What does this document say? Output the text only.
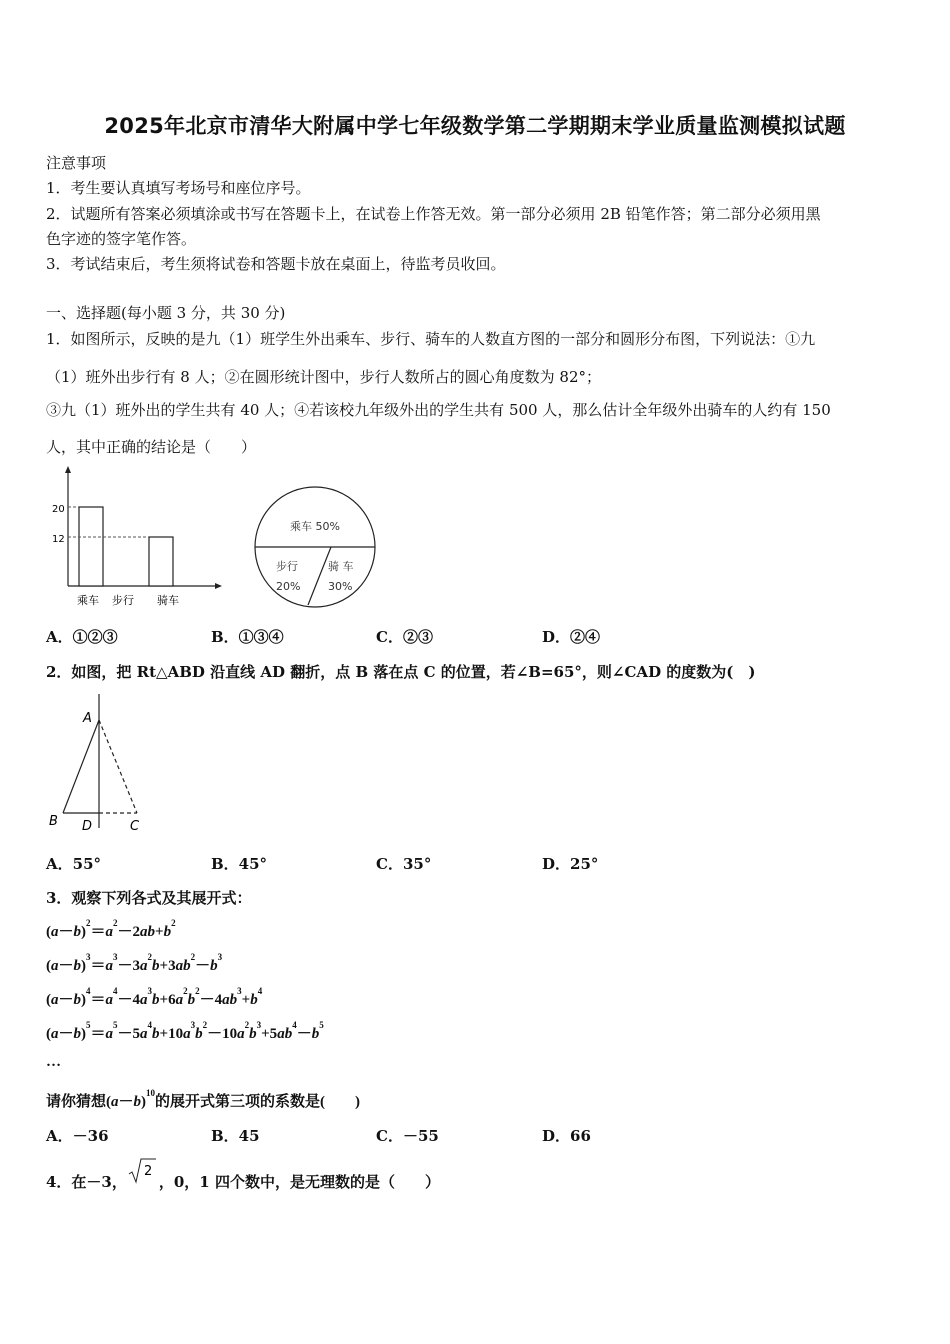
2025年北京市清华大附属中学七年级数学第二学期期末学业质量监测模拟试题
注意事项
1．考生要认真填写考场号和座位序号。
2．试题所有答案必须填涂或书写在答题卡上，在试卷上作答无效。第一部分必须用 2B 铅笔作答；第二部分必须用黑
色字迹的签字笔作答。
3．考试结束后，考生须将试卷和答题卡放在桌面上，待监考员收回。
一、选择题(每小题 3 分，共 30 分)
1．如图所示，反映的是九（1）班学生外出乘车、步行、骑车的人数直方图的一部分和圆形分布图，下列说法：①九
（1）班外出步行有 8 人；②在圆形统计图中，步行人数所占的圆心角度数为 82°；
③九（1）班外出的学生共有 40 人；④若该校九年级外出的学生共有 500 人，那么估计全年级外出骑车的人约有 150
人，其中正确的结论是（　　）
20
12
乘车 步行 骑车
乘车 50%
步行
20%
骑 车
30%
A．①②③	B．①③④	C．②③	D．②④
2．如图，把 Rt△ABD 沿直线 AD 翻折，点 B 落在点 C 的位置，若∠B=65°，则∠CAD 的度数为(　)
A
B D	C
A．55°	B．45°	C．35°	D．25°
3．观察下列各式及其展开式：
$(a-b)^2=a^2-2ab+b^2$
$(a-b)^3=a^3-3a^2b+3ab^2-b^3$
$(a-b)^4=a^4-4a^3b+6a^2b^2-4ab^3+b^4$
$(a-b)^5=a^5-5a^4b+10a^3b^2-10a^2b^3+5ab^4-b^5$
…
请你猜想$(a-b)^{10}$的展开式第三项的系数是(　　)
A．－36	B．45	C．－55	D．66
4．在－3，
2
，0，1 四个数中，是无理数的是（　　）
